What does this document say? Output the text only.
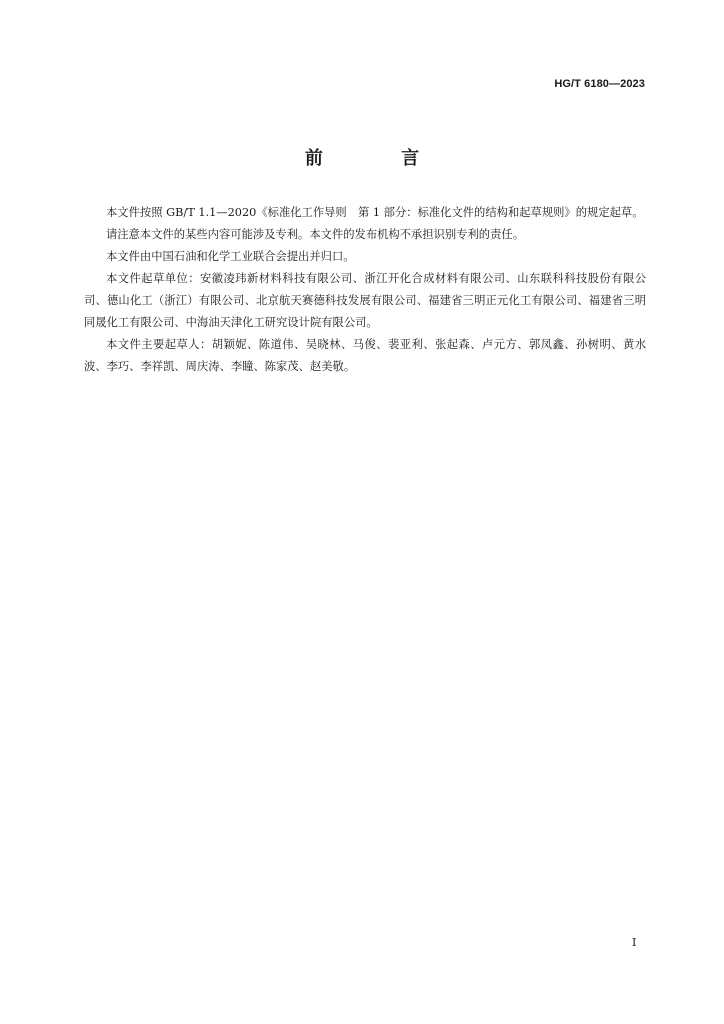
HG/T 6180—2023
前 言

本文件按照 GB/T 1.1—2020《标准化工作导则　第 1 部分：标准化文件的结构和起草规则》的规定起草。

请注意本文件的某些内容可能涉及专利。本文件的发布机构不承担识别专利的责任。

本文件由中国石油和化学工业联合会提出并归口。

本文件起草单位：安徽凌玮新材料科技有限公司、浙江开化合成材料有限公司、山东联科科技股份有限公司、德山化工（浙江）有限公司、北京航天赛德科技发展有限公司、福建省三明正元化工有限公司、福建省三明同晟化工有限公司、中海油天津化工研究设计院有限公司。

本文件主要起草人：胡颖妮、陈道伟、吴晓林、马俊、裴亚利、张起森、卢元方、郭凤鑫、孙树明、黄水波、李巧、李祥凯、周庆涛、李瞳、陈家茂、赵美敬。

I
